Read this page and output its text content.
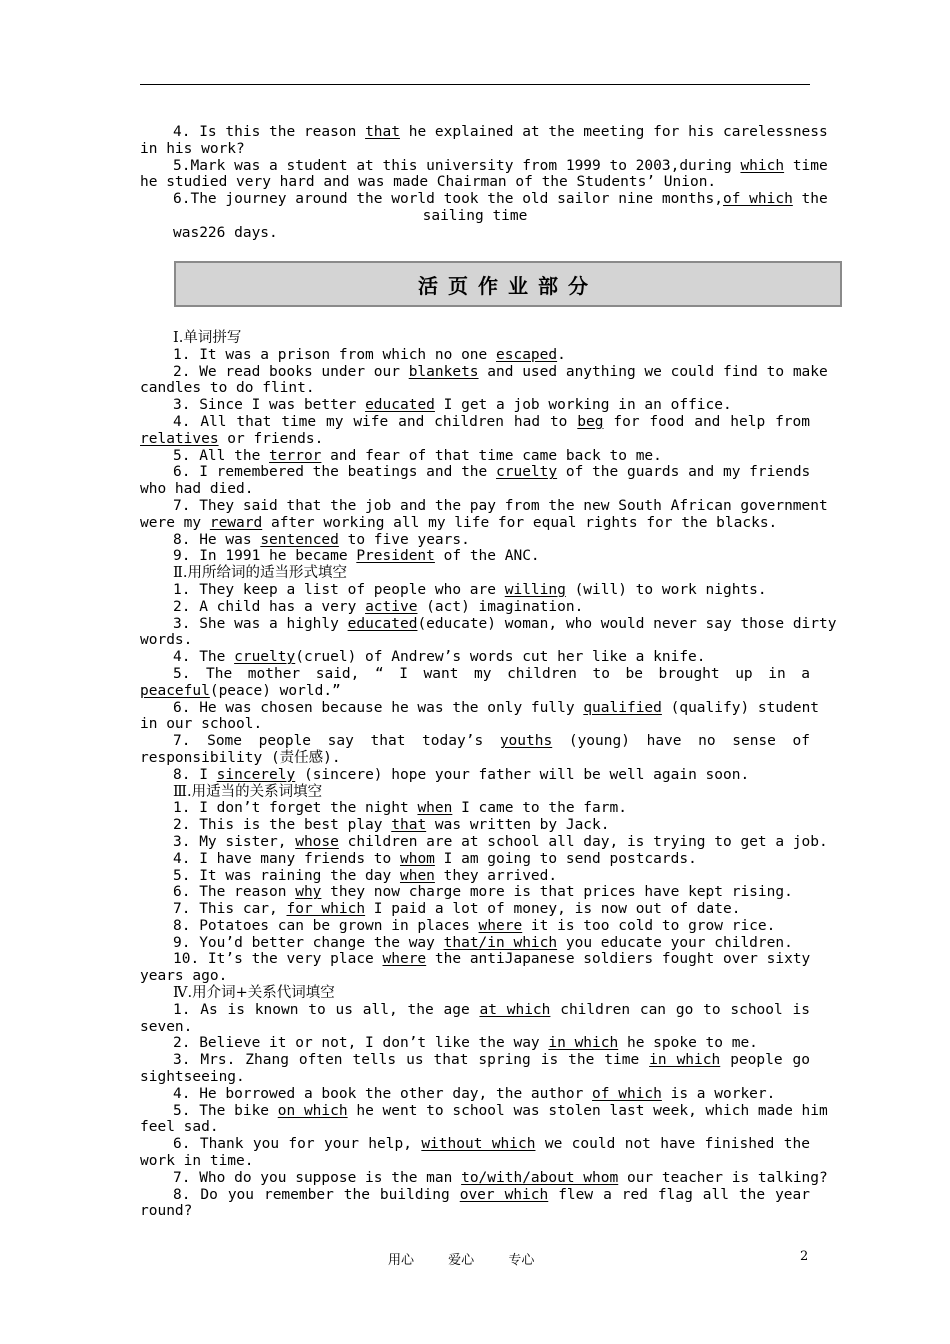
4. Is this the reason that he explained at the meeting for his carelessness
in his work?
5.Mark was a student at this university from 1999 to 2003,during which time
he studied very hard and was made Chairman of the Students’ Union.
6.The journey around the world took the old sailor nine months,of which the
sailing time
was226 days.
活页作业部分
Ⅰ.单词拼写
1. It was a prison from which no one escaped.
2. We read books under our blankets and used anything we could find to make
candles to do flint.
3. Since I was better educated I get a job working in an office.
4. All that time my wife and children had to beg for food and help from
relatives or friends.
5. All the terror and fear of that time came back to me.
6. I remembered the beatings and the cruelty of the guards and my friends
who had died.
7. They said that the job and the pay from the new South African government
were my reward after working all my life for equal rights for the blacks.
8. He was sentenced to five years.
9. In 1991 he became President of the ANC.
Ⅱ.用所给词的适当形式填空
1. They keep a list of people who are willing (will) to work nights.
2. A child has a very active (act) imagination.
3. She was a highly educated(educate) woman, who would never say those dirty
words.
4. The cruelty(cruel) of Andrew’s words cut her like a knife.
5. The mother said, “ I want my children to be brought up in a
peaceful(peace) world.”
6. He was chosen because he was the only fully qualified (qualify) student
in our school.
7. Some people say that today’s youths (young) have no sense of
responsibility (责任感).
8. I sincerely (sincere) hope your father will be well again soon.
Ⅲ.用适当的关系词填空
1. I don’t forget the night when I came to the farm.
2. This is the best play that was written by Jack.
3. My sister, whose children are at school all day, is trying to get a job.
4. I have many friends to whom I am going to send postcards.
5. It was raining the day when they arrived.
6. The reason why they now charge more is that prices have kept rising.
7. This car, for which I paid a lot of money, is now out of date.
8. Potatoes can be grown in places where it is too cold to grow rice.
9. You’d better change the way that/in which you educate your children.
10. It’s the very place where the antiJapanese soldiers fought over sixty
years ago.
Ⅳ.用介词+关系代词填空
1. As is known to us all, the age at which children can go to school is
seven.
2. Believe it or not, I don’t like the way in which he spoke to me.
3. Mrs. Zhang often tells us that spring is the time in which people go
sightseeing.
4. He borrowed a book the other day, the author of which is a worker.
5. The bike on which he went to school was stolen last week, which made him
feel sad.
6. Thank you for your help, without which we could not have finished the
work in time.
7. Who do you suppose is the man to/with/about whom our teacher is talking?
8. Do you remember the building over which flew a red flag all the year
round?
用心	爱心	专心	2
